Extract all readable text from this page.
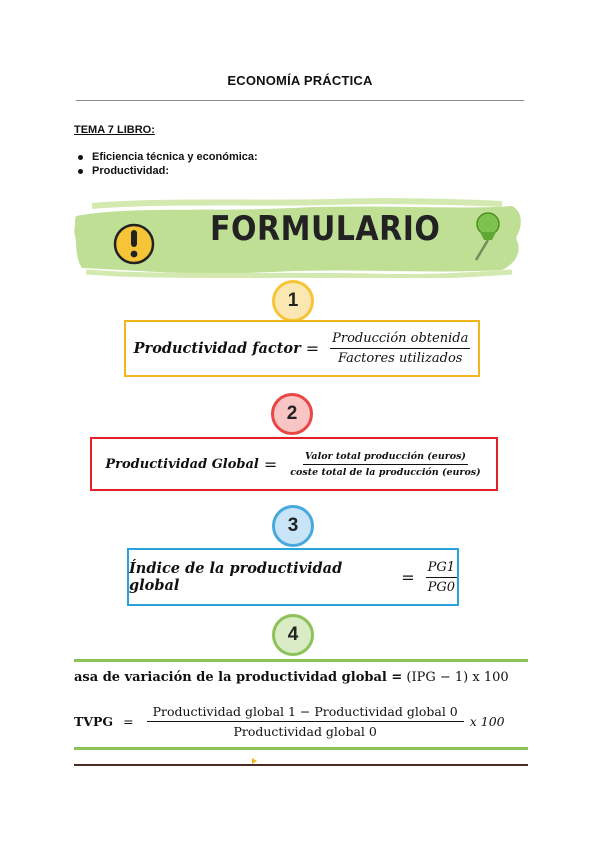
ECONOMÍA PRÁCTICA
TEMA 7 LIBRO:
Eficiencia técnica y económica:
Productividad:
FORMULARIO
1
2
3
4
Productividad factor = $\frac{\text{Producción obtenida}}{\text{Factores utilizados}}$
Productividad Global = $\frac{\text{Valor total producción (euros)}}{\text{coste total de la producción (euros)}}$
Índice de la productividad global	= $\frac{PG1}{PG0}$
asa de variación de la productividad global = (IPG − 1) x 100
TVPG = $\frac{\text{Productividad global 1 − Productividad global 0}}{\text{Productividad global 0}}$ x 100
